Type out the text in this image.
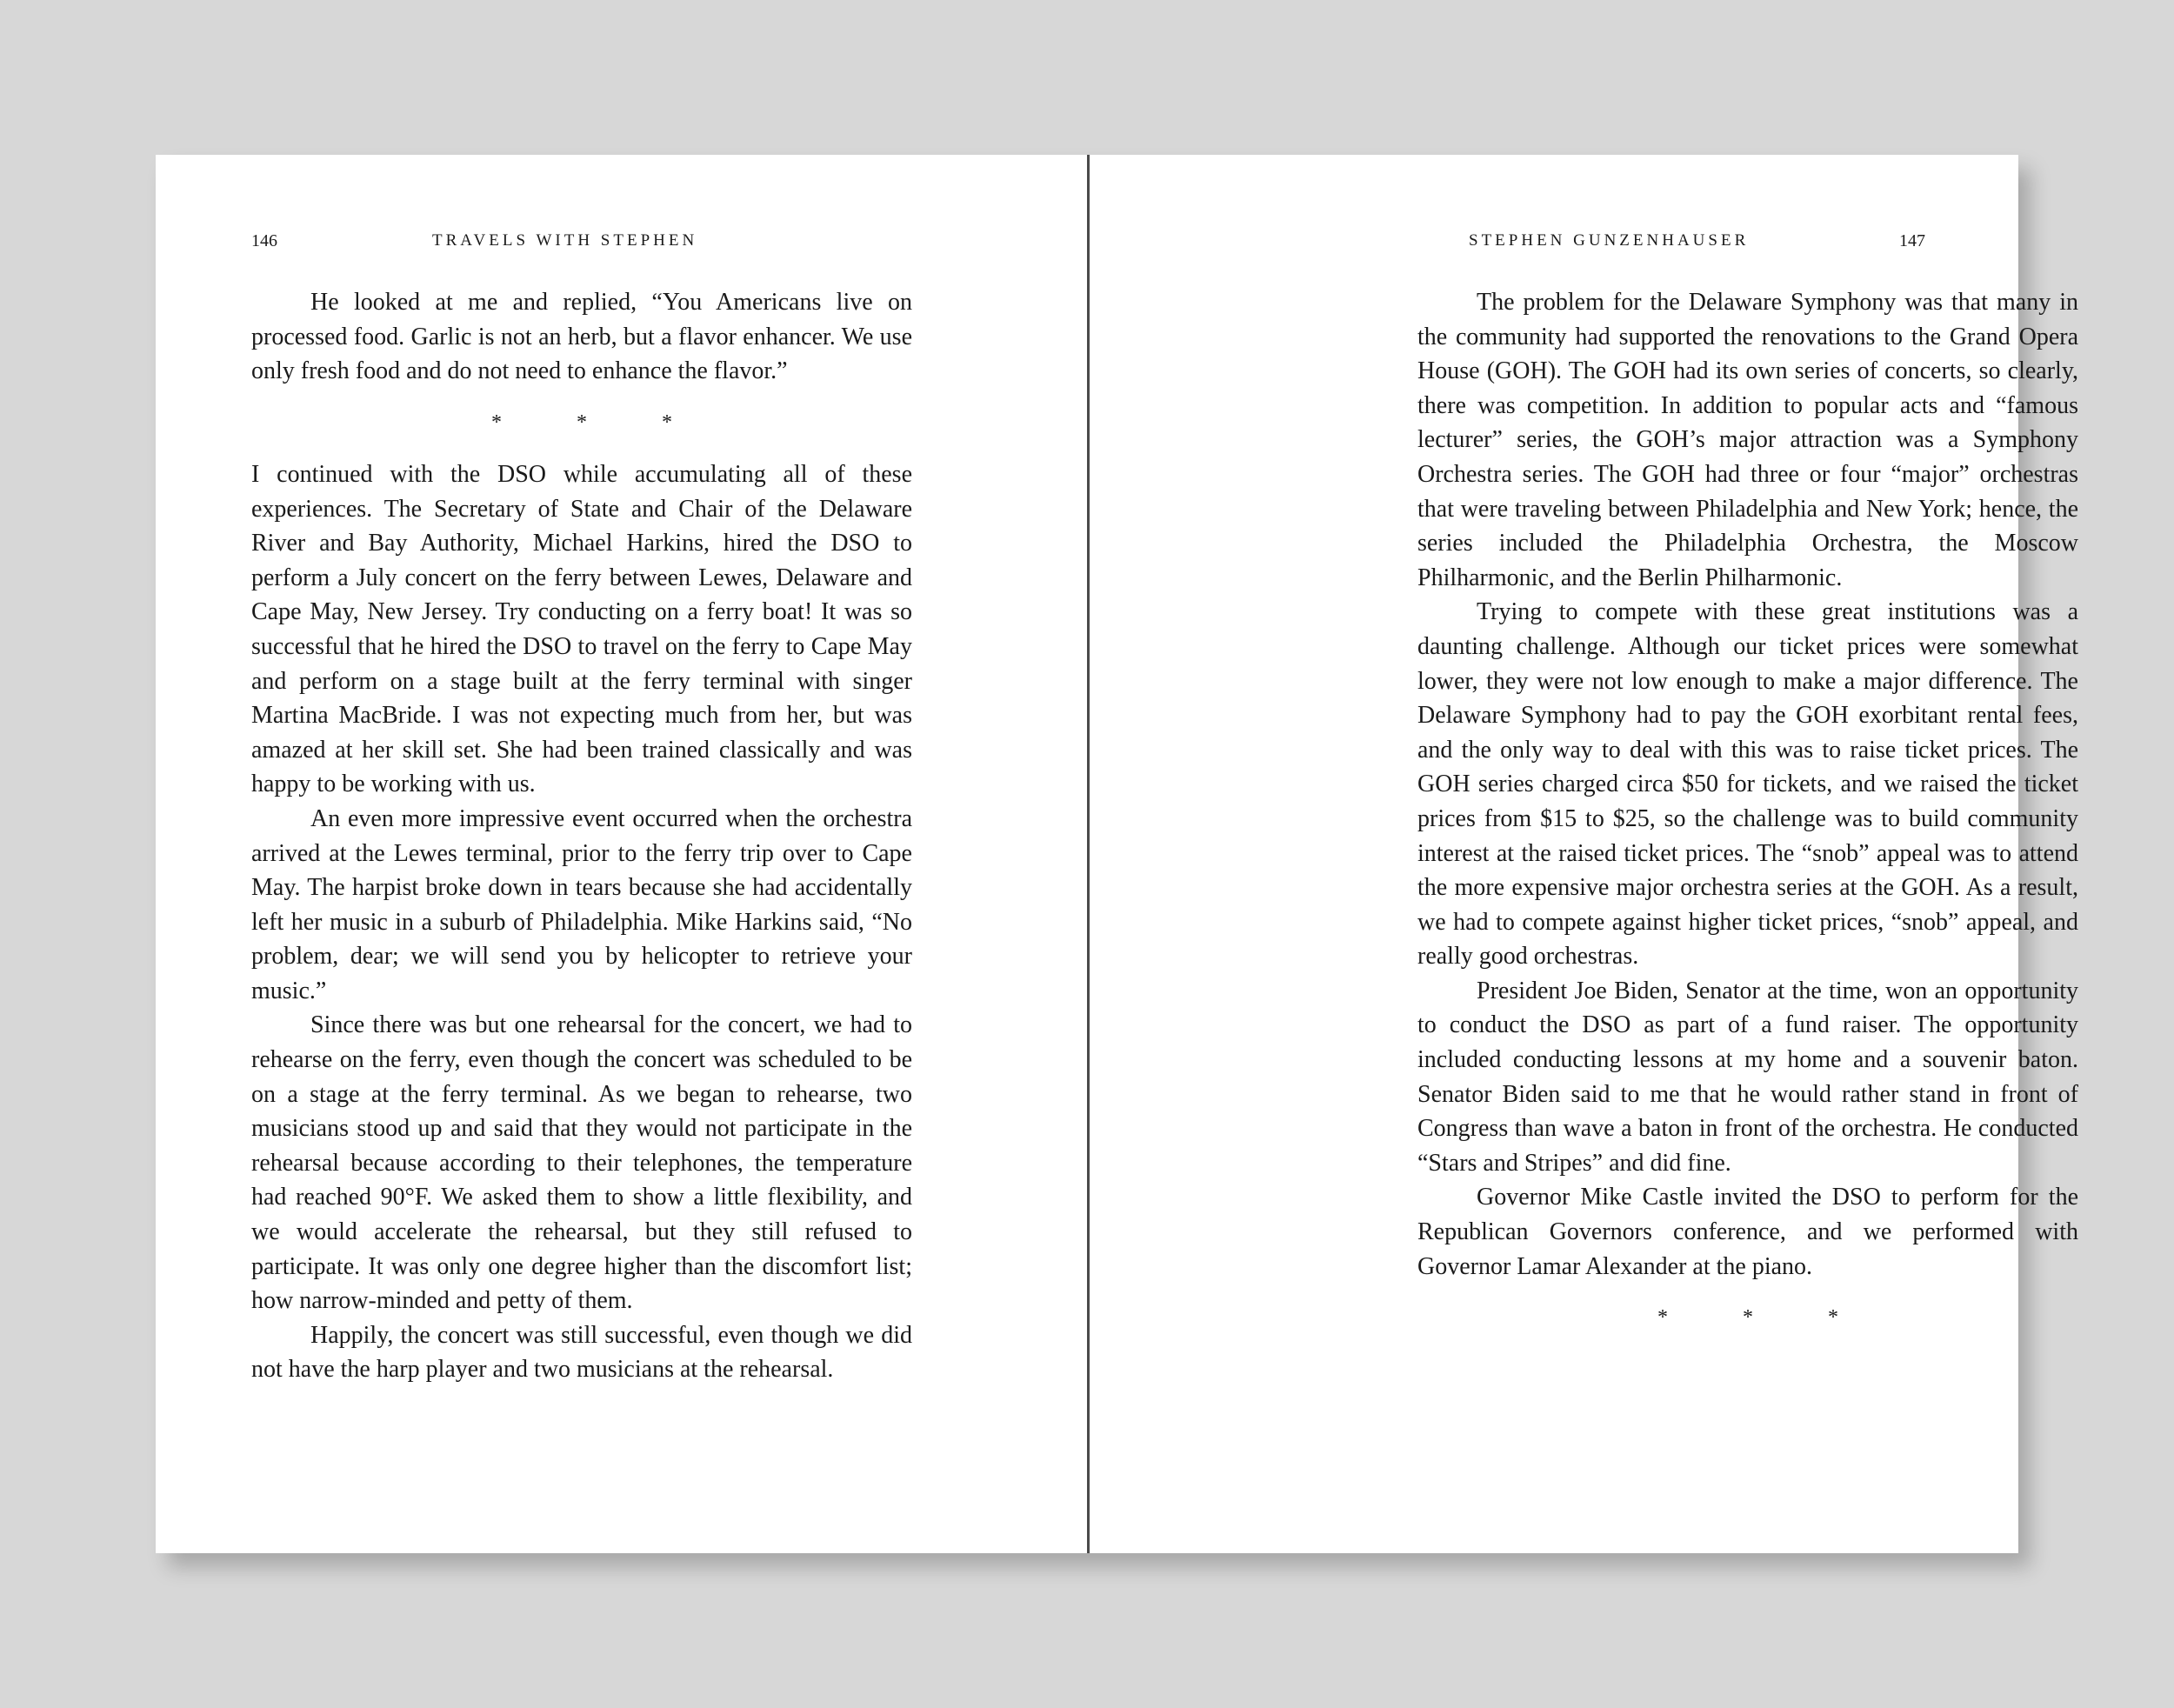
146	TRAVELS WITH STEPHEN

He looked at me and replied, “You Americans live on processed food. Garlic is not an herb, but a flavor enhancer. We use only fresh food and do not need to enhance the flavor.”

* * *

I continued with the DSO while accumulating all of these experiences. The Secretary of State and Chair of the Delaware River and Bay Authority, Michael Harkins, hired the DSO to perform a July concert on the ferry between Lewes, Delaware and Cape May, New Jersey. Try conducting on a ferry boat! It was so successful that he hired the DSO to travel on the ferry to Cape May and perform on a stage built at the ferry terminal with singer Martina MacBride. I was not expecting much from her, but was amazed at her skill set. She had been trained classically and was happy to be working with us.

An even more impressive event occurred when the orchestra arrived at the Lewes terminal, prior to the ferry trip over to Cape May. The harpist broke down in tears because she had accidentally left her music in a suburb of Philadelphia. Mike Harkins said, “No problem, dear; we will send you by helicopter to retrieve your music.”

Since there was but one rehearsal for the concert, we had to rehearse on the ferry, even though the concert was scheduled to be on a stage at the ferry terminal. As we began to rehearse, two musicians stood up and said that they would not participate in the rehearsal because according to their telephones, the temperature had reached 90°F. We asked them to show a little flexibility, and we would accelerate the rehearsal, but they still refused to participate. It was only one degree higher than the discomfort list; how narrow-minded and petty of them.

Happily, the concert was still successful, even though we did not have the harp player and two musicians at the rehearsal.

STEPHEN GUNZENHAUSER	147

The problem for the Delaware Symphony was that many in the community had supported the renovations to the Grand Opera House (GOH). The GOH had its own series of concerts, so clearly, there was competition. In addition to popular acts and “famous lecturer” series, the GOH’s major attraction was a Symphony Orchestra series. The GOH had three or four “major” orchestras that were traveling between Philadelphia and New York; hence, the series included the Philadelphia Orchestra, the Moscow Philharmonic, and the Berlin Philharmonic.

Trying to compete with these great institutions was a daunting challenge. Although our ticket prices were somewhat lower, they were not low enough to make a major difference. The Delaware Symphony had to pay the GOH exorbitant rental fees, and the only way to deal with this was to raise ticket prices. The GOH series charged circa $50 for tickets, and we raised the ticket prices from $15 to $25, so the challenge was to build community interest at the raised ticket prices. The “snob” appeal was to attend the more expensive major orchestra series at the GOH. As a result, we had to compete against higher ticket prices, “snob” appeal, and really good orchestras.

President Joe Biden, Senator at the time, won an opportunity to conduct the DSO as part of a fund raiser. The opportunity included conducting lessons at my home and a souvenir baton. Senator Biden said to me that he would rather stand in front of Congress than wave a baton in front of the orchestra. He conducted “Stars and Stripes” and did fine.

Governor Mike Castle invited the DSO to perform for the Republican Governors conference, and we performed with Governor Lamar Alexander at the piano.

* * *
